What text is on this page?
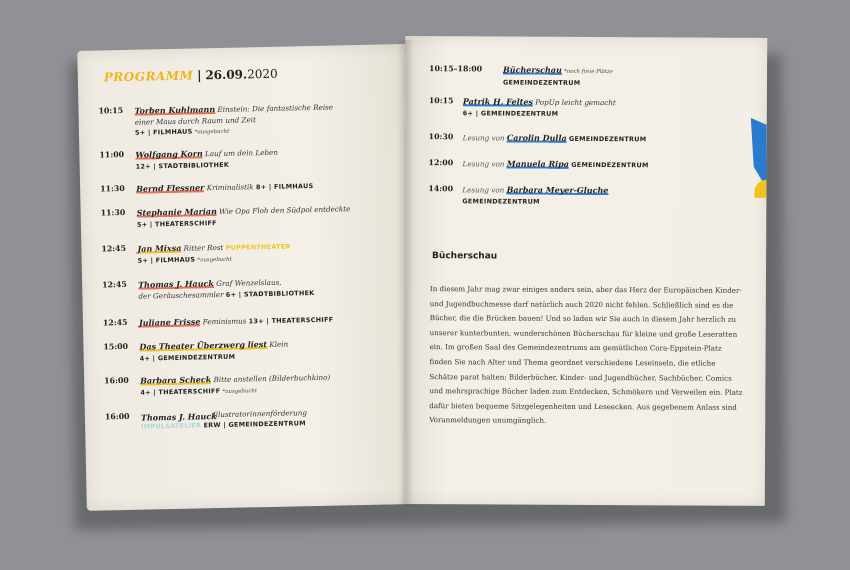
PROGRAMM | 26.09.2020
10:15 Torben Kuhlmann Einstein: Die fantastische Reise
einer Maus durch Raum und Zeit
5+ | FILMHAUS *ausgebucht
11:00 Wolfgang Korn Lauf um dein Leben
12+ | STADTBIBLIOTHEK
11:30 Bernd Flessner Kriminalistik 8+ | FILMHAUS
11:30 Stephanie Marian Wie Opa Floh den Südpol entdeckte
5+ | THEATERSCHIFF
12:45 Jan Mixsa Ritter Rost PUPPENTHEATER
5+ | FILMHAUS *ausgebucht
12:45 Thomas J. Hauck Graf Wenzelslaus,
der Geräuschesammler 6+ | STADTBIBLIOTHEK
12:45 Juliane Frisse Feminismus 13+ | THEATERSCHIFF
15:00 Das Theater Überzwerg liest Klein
4+ | GEMEINDEZENTRUM
16:00 Barbara Scheck Bitte anstellen (Bilderbuchkino)
4+ | THEATERSCHIFF *ausgebucht
16:00	Illustratorinnenförderung
Thomas J. Hauck
IMPULSATELIER ERW | GEMEINDEZENTRUM
10:15–18:00	Bücherschau *noch freie Plätze
GEMEINDEZENTRUM
10:15 Patrik H. Feltes PopUp leicht gemacht
6+ | GEMEINDEZENTRUM
10:30 Lesung von Carolin Dulla GEMEINDEZENTRUM
12:00 Lesung von Manuela Ripa GEMEINDEZENTRUM
14:00 Lesung von Barbara Meyer-Gluche
GEMEINDEZENTRUM
Bücherschau
In diesem Jahr mag zwar einiges anders sein, aber das Herz der Europäischen Kinder- und Jugendbuchmesse darf natürlich auch 2020 nicht fehlen. Schließlich sind es die Bücher, die die Brücken bauen! Und so laden wir Sie auch in diesem Jahr herzlich zu unserer kunterbunten, wunderschönen Bücherschau für kleine und große Leseratten ein. Im großen Saal des Gemeindezentrums am gemütlichen Cora-Eppstein-Platz finden Sie nach Alter und Thema geordnet verschiedene Leseinseln, die etliche Schätze parat halten: Bilderbücher, Kinder- und Jugendbücher, Sachbücher, Comics und mehrsprachige Bücher laden zum Entdecken, Schmökern und Verweilen ein. Platz dafür bieten bequeme Sitzgelegenheiten und Leseecken. Aus gegebenem Anlass sind Voranmeldungen unumgänglich.
